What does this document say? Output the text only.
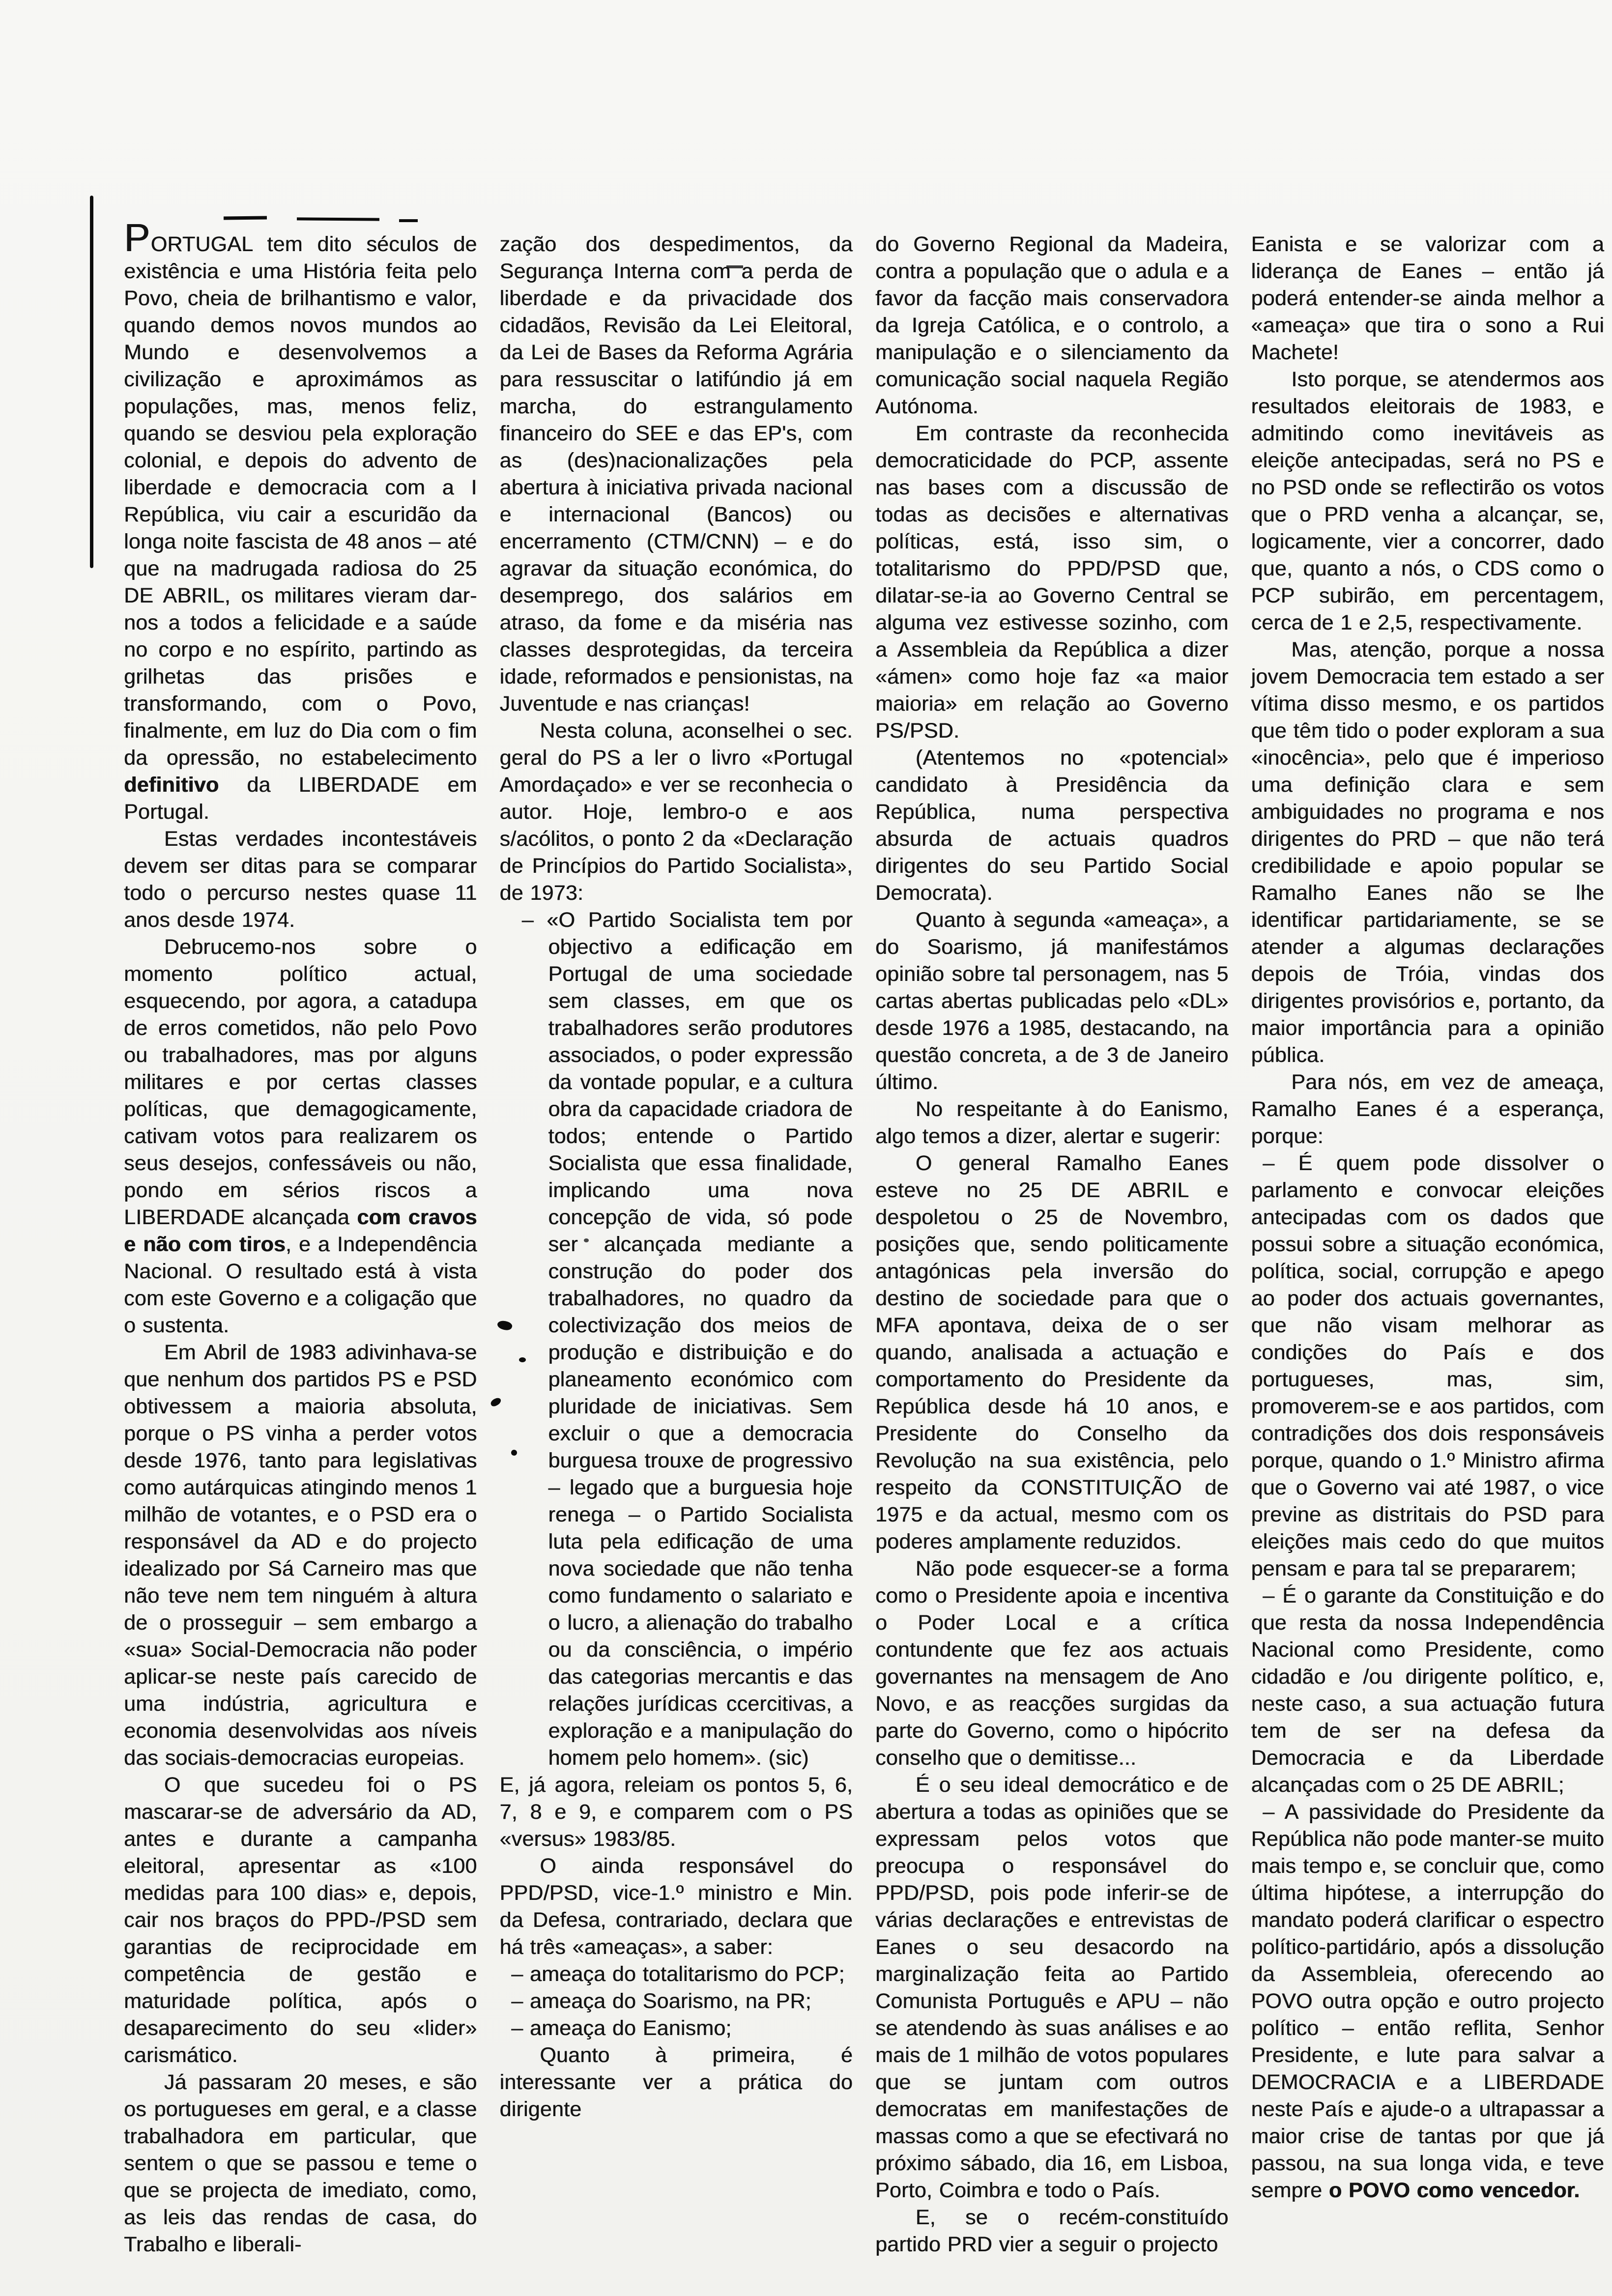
PORTUGAL tem dito séculos de existência e uma História feita pelo Povo, cheia de brilhantismo e valor, quando demos novos mundos ao Mundo e desenvolvemos a civilização e aproximámos as populações, mas, menos feliz, quando se desviou pela exploração colonial, e depois do advento de liberdade e democracia com a I República, viu cair a escuridão da longa noite fascista de 48 anos – até que na madrugada radiosa do 25 DE ABRIL, os militares vieram dar-nos a todos a felicidade e a saúde no corpo e no espírito, partindo as grilhetas das prisões e transformando, com o Povo, finalmente, em luz do Dia com o fim da opressão, no estabelecimento definitivo da LIBERDADE em Portugal.

Estas verdades incontestáveis devem ser ditas para se comparar todo o percurso nestes quase 11 anos desde 1974.

Debrucemo-nos sobre o momento político actual, esquecendo, por agora, a catadupa de erros cometidos, não pelo Povo ou trabalhadores, mas por alguns militares e por certas classes políticas, que demagogicamente, cativam votos para realizarem os seus desejos, confessáveis ou não, pondo em sérios riscos a LIBERDADE alcançada com cravos e não com tiros, e a Independência Nacional. O resultado está à vista com este Governo e a coligação que o sustenta.

Em Abril de 1983 adivinhava-se que nenhum dos partidos PS e PSD obtivessem a maioria absoluta, porque o PS vinha a perder votos desde 1976, tanto para legislativas como autárquicas atingindo menos 1 milhão de votantes, e o PSD era o responsável da AD e do projecto idealizado por Sá Carneiro mas que não teve nem tem ninguém à altura de o prosseguir – sem embargo a «sua» Social-Democracia não poder aplicar-se neste país carecido de uma indústria, agricultura e economia desenvolvidas aos níveis das sociais-democracias europeias.

O que sucedeu foi o PS mascarar-se de adversário da AD, antes e durante a campanha eleitoral, apresentar as «100 medidas para 100 dias» e, depois, cair nos braços do PPD-/PSD sem garantias de reciprocidade em competência de gestão e maturidade política, após o desaparecimento do seu «lider» carismático.

Já passaram 20 meses, e são os portugueses em geral, e a classe trabalhadora em particular, que sentem o que se passou e teme o que se projecta de imediato, como, as leis das rendas de casa, do Trabalho e liberali-

zação dos despedimentos, da Segurança Interna com a perda de liberdade e da privacidade dos cidadãos, Revisão da Lei Eleitoral, da Lei de Bases da Reforma Agrária para ressuscitar o latifúndio já em marcha, do estrangulamento financeiro do SEE e das EP's, com as (des)nacionalizações pela abertura à iniciativa privada nacional e internacional (Bancos) ou encerramento (CTM/CNN) – e do agravar da situação económica, do desemprego, dos salários em atraso, da fome e da miséria nas classes desprotegidas, da terceira idade, reformados e pensionistas, na Juventude e nas crianças!

Nesta coluna, aconselhei o sec. geral do PS a ler o livro «Portugal Amordaçado» e ver se reconhecia o autor. Hoje, lembro-o e aos s/acólitos, o ponto 2 da «Declaração de Princípios do Partido Socialista», de 1973:

– «O Partido Socialista tem por objectivo a edificação em Portugal de uma sociedade sem classes, em que os trabalhadores serão produtores associados, o poder expressão da vontade popular, e a cultura obra da capacidade criadora de todos; entende o Partido Socialista que essa finalidade, implicando uma nova concepção de vida, só pode ser alcançada mediante a construção do poder dos trabalhadores, no quadro da colectivização dos meios de produção e distribuição e do planeamento económico com pluridade de iniciativas. Sem excluir o que a democracia burguesa trouxe de progressivo – legado que a burguesia hoje renega – o Partido Socialista luta pela edificação de uma nova sociedade que não tenha como fundamento o salariato e o lucro, a alienação do trabalho ou da consciência, o império das categorias mercantis e das relações jurídicas ccercitivas, a exploração e a manipulação do homem pelo homem». (sic)

E, já agora, releiam os pontos 5, 6, 7, 8 e 9, e comparem com o PS «versus» 1983/85.

O ainda responsável do PPD/PSD, vice-1.º ministro e Min. da Defesa, contrariado, declara que há três «ameaças», a saber:

– ameaça do totalitarismo do PCP;

– ameaça do Soarismo, na PR;

– ameaça do Eanismo;

Quanto à primeira, é interessante ver a prática do dirigente

do Governo Regional da Madeira, contra a população que o adula e a favor da facção mais conservadora da Igreja Católica, e o controlo, a manipulação e o silenciamento da comunicação social naquela Região Autónoma.

Em contraste da reconhecida democraticidade do PCP, assente nas bases com a discussão de todas as decisões e alternativas políticas, está, isso sim, o totalitarismo do PPD/PSD que, dilatar-se-ia ao Governo Central se alguma vez estivesse sozinho, com a Assembleia da República a dizer «ámen» como hoje faz «a maior maioria» em relação ao Governo PS/PSD.

(Atentemos no «potencial» candidato à Presidência da República, numa perspectiva absurda de actuais quadros dirigentes do seu Partido Social Democrata).

Quanto à segunda «ameaça», a do Soarismo, já manifestámos opinião sobre tal personagem, nas 5 cartas abertas publicadas pelo «DL» desde 1976 a 1985, destacando, na questão concreta, a de 3 de Janeiro último.

No respeitante à do Eanismo, algo temos a dizer, alertar e sugerir:

O general Ramalho Eanes esteve no 25 DE ABRIL e despoletou o 25 de Novembro, posições que, sendo politicamente antagónicas pela inversão do destino de sociedade para que o MFA apontava, deixa de o ser quando, analisada a actuação e comportamento do Presidente da República desde há 10 anos, e Presidente do Conselho da Revolução na sua existência, pelo respeito da CONSTITUIÇÃO de 1975 e da actual, mesmo com os poderes amplamente reduzidos.

Não pode esquecer-se a forma como o Presidente apoia e incentiva o Poder Local e a crítica contundente que fez aos actuais governantes na mensagem de Ano Novo, e as reacções surgidas da parte do Governo, como o hipócrito conselho que o demitisse...

É o seu ideal democrático e de abertura a todas as opiniões que se expressam pelos votos que preocupa o responsável do PPD/PSD, pois pode inferir-se de várias declarações e entrevistas de Eanes o seu desacordo na marginalização feita ao Partido Comunista Português e APU – não se atendendo às suas análises e ao mais de 1 milhão de votos populares que se juntam com outros democratas em manifestações de massas como a que se efectivará no próximo sábado, dia 16, em Lisboa, Porto, Coimbra e todo o País.

E, se o recém-constituído partido PRD vier a seguir o projecto

Eanista e se valorizar com a liderança de Eanes – então já poderá entender-se ainda melhor a «ameaça» que tira o sono a Rui Machete!

Isto porque, se atendermos aos resultados eleitorais de 1983, e admitindo como inevitáveis as eleiçõe antecipadas, será no PS e no PSD onde se reflectirão os votos que o PRD venha a alcançar, se, logicamente, vier a concorrer, dado que, quanto a nós, o CDS como o PCP subirão, em percentagem, cerca de 1 e 2,5, respectivamente.

Mas, atenção, porque a nossa jovem Democracia tem estado a ser vítima disso mesmo, e os partidos que têm tido o poder exploram a sua «inocência», pelo que é imperioso uma definição clara e sem ambiguidades no programa e nos dirigentes do PRD – que não terá credibilidade e apoio popular se Ramalho Eanes não se lhe identificar partidariamente, se se atender a algumas declarações depois de Tróia, vindas dos dirigentes provisórios e, portanto, da maior importância para a opinião pública.

Para nós, em vez de ameaça, Ramalho Eanes é a esperança, porque:

– É quem pode dissolver o parlamento e convocar eleições antecipadas com os dados que possui sobre a situação económica, política, social, corrupção e apego ao poder dos actuais governantes, que não visam melhorar as condições do País e dos portugueses, mas, sim, promoverem-se e aos partidos, com contradições dos dois responsáveis porque, quando o 1.º Ministro afirma que o Governo vai até 1987, o vice previne as distritais do PSD para eleições mais cedo do que muitos pensam e para tal se prepararem;

– É o garante da Constituição e do que resta da nossa Independência Nacional como Presidente, como cidadão e /ou dirigente político, e, neste caso, a sua actuação futura tem de ser na defesa da Democracia e da Liberdade alcançadas com o 25 DE ABRIL;

– A passividade do Presidente da República não pode manter-se muito mais tempo e, se concluir que, como última hipótese, a interrupção do mandato poderá clarificar o espectro político-partidário, após a dissolução da Assembleia, oferecendo ao POVO outra opção e outro projecto político – então reflita, Senhor Presidente, e lute para salvar a DEMOCRACIA e a LIBERDADE neste País e ajude-o a ultrapassar a maior crise de tantas por que já passou, na sua longa vida, e teve sempre o POVO como vencedor.
